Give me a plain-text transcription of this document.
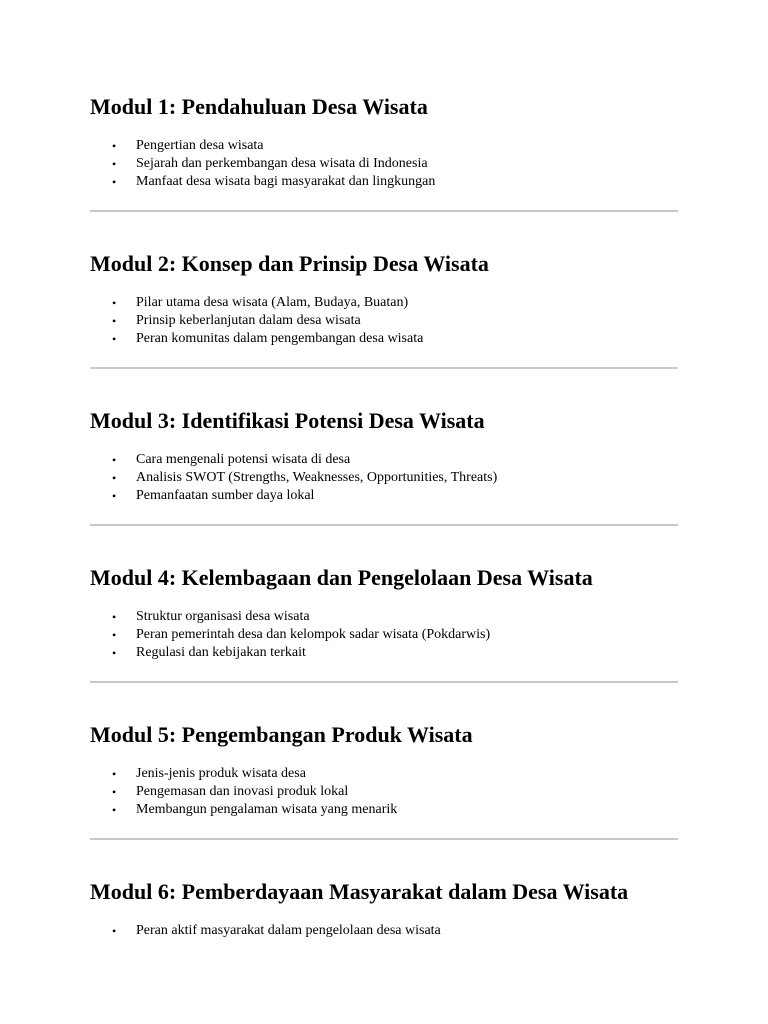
Modul 1: Pendahuluan Desa Wisata
• Pengertian desa wisata
• Sejarah dan perkembangan desa wisata di Indonesia
• Manfaat desa wisata bagi masyarakat dan lingkungan
Modul 2: Konsep dan Prinsip Desa Wisata
• Pilar utama desa wisata (Alam, Budaya, Buatan)
• Prinsip keberlanjutan dalam desa wisata
• Peran komunitas dalam pengembangan desa wisata
Modul 3: Identifikasi Potensi Desa Wisata
• Cara mengenali potensi wisata di desa
• Analisis SWOT (Strengths, Weaknesses, Opportunities, Threats)
• Pemanfaatan sumber daya lokal
Modul 4: Kelembagaan dan Pengelolaan Desa Wisata
• Struktur organisasi desa wisata
• Peran pemerintah desa dan kelompok sadar wisata (Pokdarwis)
• Regulasi dan kebijakan terkait
Modul 5: Pengembangan Produk Wisata
• Jenis-jenis produk wisata desa
• Pengemasan dan inovasi produk lokal
• Membangun pengalaman wisata yang menarik
Modul 6: Pemberdayaan Masyarakat dalam Desa Wisata
• Peran aktif masyarakat dalam pengelolaan desa wisata
